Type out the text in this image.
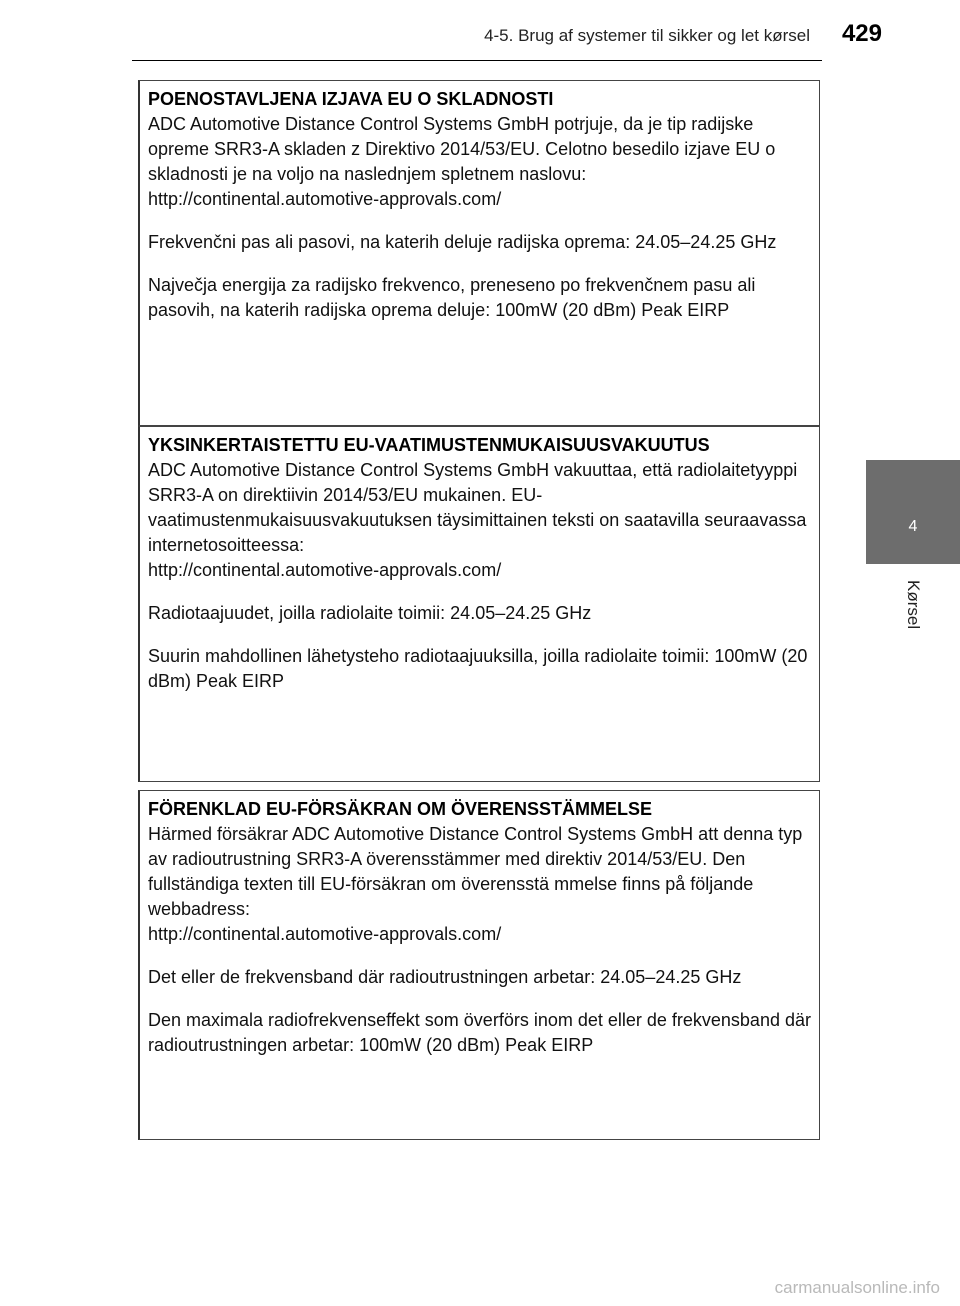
4-5. Brug af systemer til sikker og let kørsel 429
4
Kørsel
POENOSTAVLJENA IZJAVA EU O SKLADNOSTI

ADC Automotive Distance Control Systems GmbH potrjuje, da je tip radijske opreme SRR3-A skladen z Direktivo 2014/53/EU. Celotno besedilo izjave EU o skladnosti je na voljo na naslednjem spletnem naslovu:

http://continental.automotive-approvals.com/

Frekvenčni pas ali pasovi, na katerih deluje radijska oprema: 24.05–24.25 GHz

Največja energija za radijsko frekvenco, preneseno po frekvenčnem pasu ali pasovih, na katerih radijska oprema deluje: 100mW (20 dBm) Peak EIRP

YKSINKERTAISTETTU EU-VAATIMUSTENMUKAISUUSVAKUUTUS

ADC Automotive Distance Control Systems GmbH vakuuttaa, että radiolaitetyyppi SRR3-A on direktiivin 2014/53/EU mukainen. EU-vaatimustenmukaisuusvakuutuksen täysimittainen teksti on saatavilla seuraavassa internetosoitteessa:

http://continental.automotive-approvals.com/

Radiotaajuudet, joilla radiolaite toimii: 24.05–24.25 GHz

Suurin mahdollinen lähetysteho radiotaajuuksilla, joilla radiolaite toimii: 100mW (20 dBm) Peak EIRP

FÖRENKLAD EU-FÖRSÄKRAN OM ÖVERENSSTÄMMELSE

Härmed försäkrar ADC Automotive Distance Control Systems GmbH att denna typ av radioutrustning SRR3-A överensstämmer med direktiv 2014/53/EU. Den fullständiga texten till EU-försäkran om överensstä mmelse finns på följande webbadress:

http://continental.automotive-approvals.com/

Det eller de frekvensband där radioutrustningen arbetar: 24.05–24.25 GHz

Den maximala radiofrekvenseffekt som överförs inom det eller de frekvensband där radioutrustningen arbetar: 100mW (20 dBm) Peak EIRP

carmanualsonline.info
